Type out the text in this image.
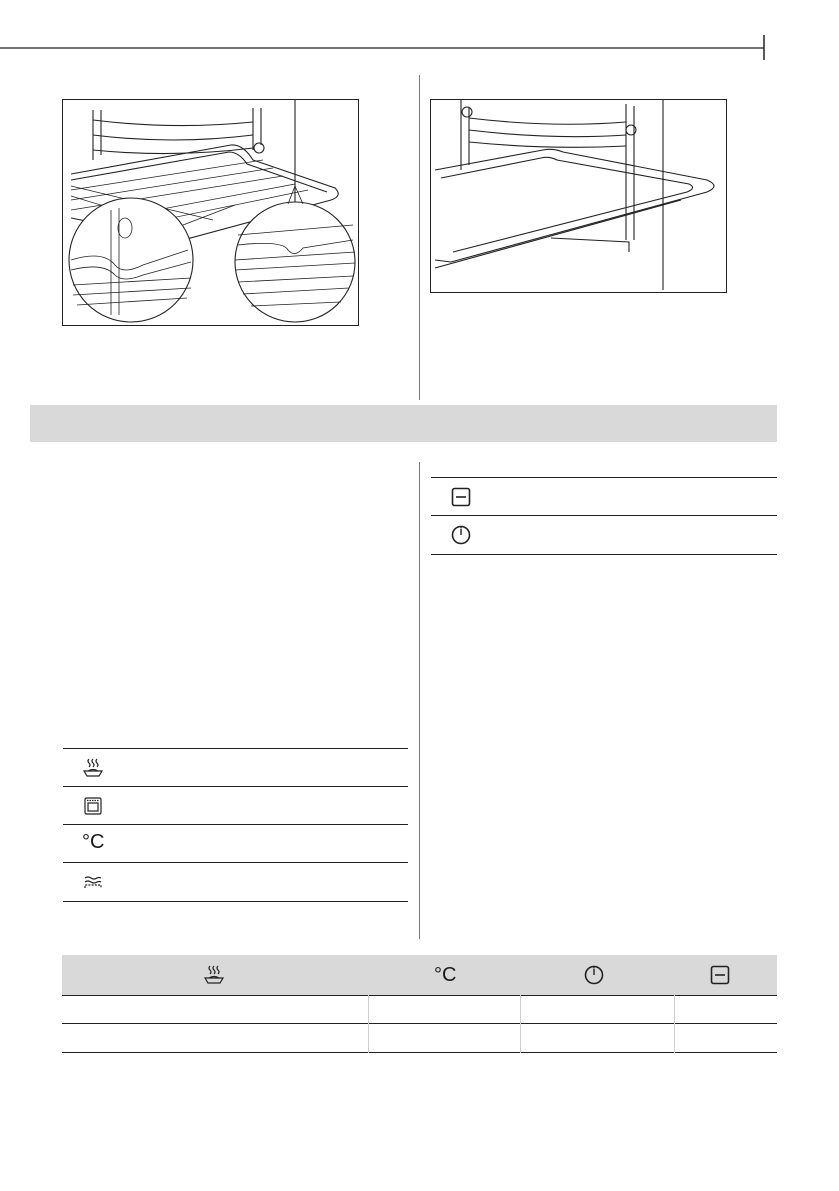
°C
°C
